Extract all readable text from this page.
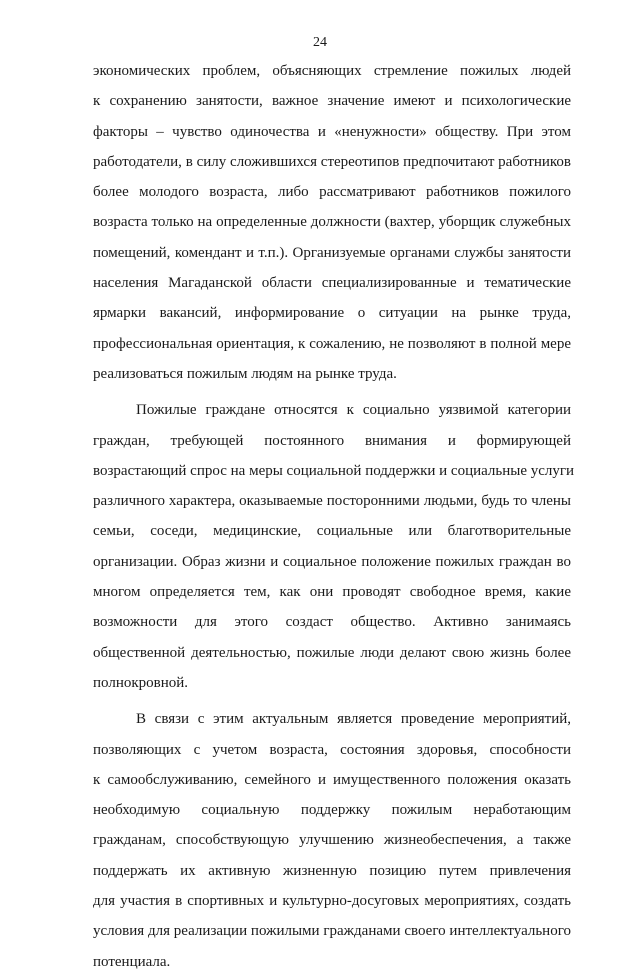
24
экономических проблем, объясняющих стремление пожилых людей
к сохранению занятости, важное значение имеют и психологические
факторы – чувство одиночества и «ненужности» обществу. При этом
работодатели, в силу сложившихся стереотипов предпочитают работников
более молодого возраста, либо рассматривают работников пожилого
возраста только на определенные должности (вахтер, уборщик служебных
помещений, комендант и т.п.). Организуемые органами службы занятости
населения Магаданской области специализированные и тематические
ярмарки вакансий, информирование о ситуации на рынке труда,
профессиональная ориентация, к сожалению, не позволяют в полной мере
реализоваться пожилым людям на рынке труда.
Пожилые граждане относятся к социально уязвимой категории
граждан, требующей постоянного внимания и формирующей
возрастающий спрос на меры социальной поддержки и социальные услуги
различного характера, оказываемые посторонними людьми, будь то члены
семьи, соседи, медицинские, социальные или благотворительные
организации. Образ жизни и социальное положение пожилых граждан во
многом определяется тем, как они проводят свободное время, какие
возможности для этого создаст общество. Активно занимаясь
общественной деятельностью, пожилые люди делают свою жизнь более
полнокровной.
В связи с этим актуальным является проведение мероприятий,
позволяющих с учетом возраста, состояния здоровья, способности
к самообслуживанию, семейного и имущественного положения оказать
необходимую социальную поддержку пожилым неработающим
гражданам, способствующую улучшению жизнеобеспечения, а также
поддержать их активную жизненную позицию путем привлечения
для участия в спортивных и культурно-досуговых мероприятиях, создать
условия для реализации пожилыми гражданами своего интеллектуального
потенциала.
